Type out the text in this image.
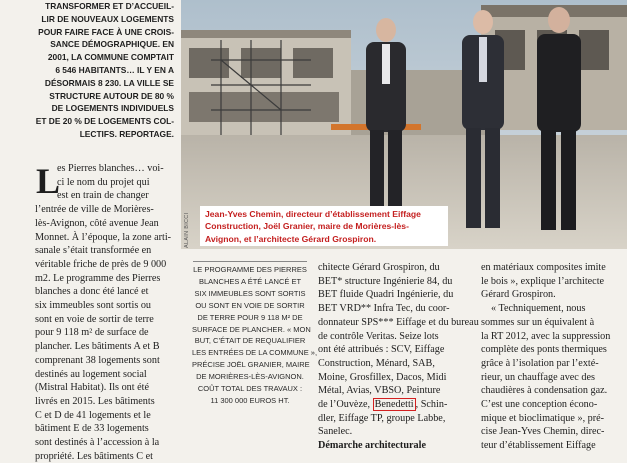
TRANSFORMER ET D’ACCUEIL-
LIR DE NOUVEAUX LOGEMENTS
POUR FAIRE FACE À UNE CROIS-
SANCE DÉMOGRAPHIQUE. EN
2001, LA COMMUNE COMPTAIT
6 546 HABITANTS… IL Y EN A
DÉSORMAIS 8 230. LA VILLE SE
STRUCTURE AUTOUR DE 80 %
DE LOGEMENTS INDIVIDUELS
ET DE 20 % DE LOGEMENTS COL-
LECTIFS. REPORTAGE.
Jean-Yves Chemin, directeur d’établissement Eiffage
Construction, Joël Granier, maire de Morières-lès-
Avignon, et l’architecte Gérard Grospiron.
ALAIN BICCI
L
es Pierres blanches… voi-
ci le nom du projet qui
est en train de changer
l’entrée de ville de Morières-
lès-Avignon, côté avenue Jean
Monnet. À l’époque, la zone arti-
sanale s’était transformée en
véritable friche de près de 9 000
m2. Le programme des Pierres
blanches a donc été lancé et
six immeubles sont sortis ou
sont en voie de sortir de terre
pour 9 118 m² de surface de
plancher. Les bâtiments A et B
comprenant 38 logements sont
destinés au logement social
(Mistral Habitat). Ils ont été
livrés en 2015. Les bâtiments
C et D de 41 logements et le
bâtiment E de 33 logements
sont destinés à l’accession à la
propriété. Les bâtiments C et
LE PROGRAMME DES PIERRES
BLANCHES A ÉTÉ LANCÉ ET
SIX IMMEUBLES SONT SORTIS
OU SONT EN VOIE DE SORTIR
DE TERRE POUR 9 118 M² DE
SURFACE DE PLANCHER. « MON
BUT, C’ÉTAIT DE REQUALIFIER
LES ENTRÉES DE LA COMMUNE »,
PRÉCISE JOËL GRANIER, MAIRE
DE MORIÈRES-LÈS-AVIGNON.
COÛT TOTAL DES TRAVAUX :
11 300 000 EUROS HT.
chitecte Gérard Grospiron, du
BET* structure Ingénierie 84, du
BET fluide Quadri Ingénierie, du
BET VRD** Infra Tec, du coor-
donnateur SPS*** Eiffage et du bureau
de contrôle Veritas. Seize lots
ont été attribués : SCV, Eiffage
Construction, Ménard, SAB,
Moine, Grosfillex, Dacos, Midi
Métal, Avias, VBSO, Peinture
de l’Ouvèze, Benedetti , Schin-
dler, Eiffage TP, groupe Labbe,
Sanelec.
Démarche architecturale
en matériaux composites imite
le bois », explique l’architecte
Gérard Grospiron.
« Techniquement, nous
sommes sur un équivalent à
la RT 2012, avec la suppression
complète des ponts thermiques
grâce à l’isolation par l’exté-
rieur, un chauffage avec des
chaudières à condensation gaz.
C’est une conception écono-
mique et bioclimatique », pré-
cise Jean-Yves Chemin, direc-
teur d’établissement Eiffage
